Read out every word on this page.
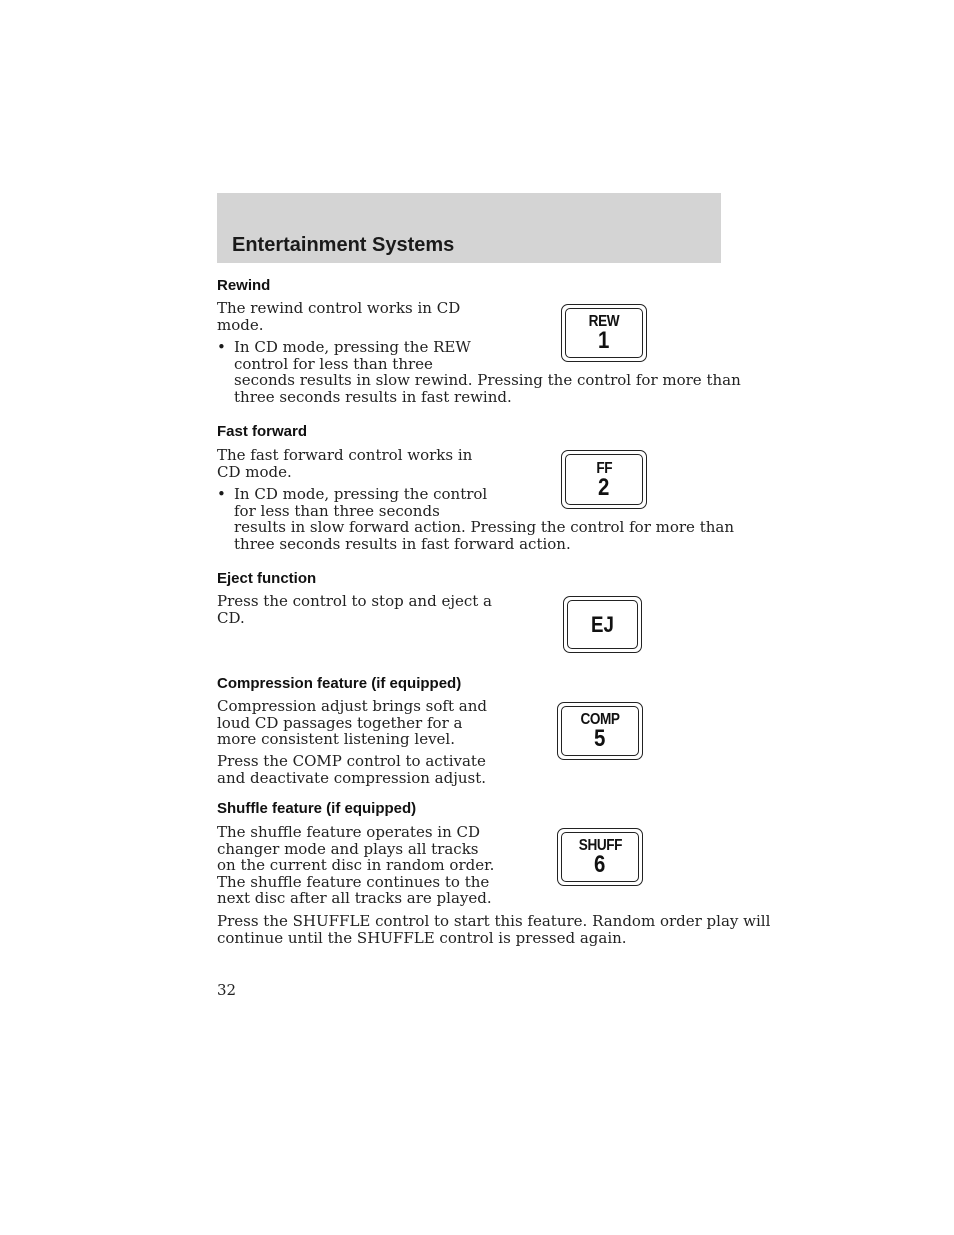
Entertainment Systems
Rewind

The rewind control works in CD

mode.

• In CD mode, pressing the REW

control for less than three

seconds results in slow rewind. Pressing the control for more than

three seconds results in fast rewind.

REW
1
Fast forward

The fast forward control works in

CD mode.

• In CD mode, pressing the control

for less than three seconds

results in slow forward action. Pressing the control for more than

three seconds results in fast forward action.

FF
2
Eject function

Press the control to stop and eject a

CD.	EJ
Compression feature (if equipped)

Compression adjust brings soft and

loud CD passages together for a

more consistent listening level.

Press the COMP control to activate

and deactivate compression adjust.

COMP
5
Shuffle feature (if equipped)

The shuffle feature operates in CD

changer mode and plays all tracks

on the current disc in random order.

The shuffle feature continues to the

next disc after all tracks are played.

Press the SHUFFLE control to start this feature. Random order play will

continue until the SHUFFLE control is pressed again.

SHUFF
6

32
